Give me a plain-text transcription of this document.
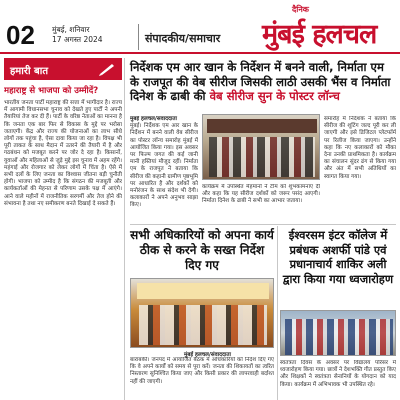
02 मुंबई, शनिवार
17 अगस्त 2024	संपादकीय/समाचार
दैनिक
मुंबई हलचल
हमारी बात
महाराष्ट्र से भाजपा को उम्मीदें?
भारतीय जनता पार्टी महाराष्ट्र की सत्ता में भागीदार है। राज्य में आगामी विधानसभा चुनाव को देखते हुए पार्टी ने अपनी तैयारियां तेज कर दी हैं। पार्टी के वरिष्ठ नेताओं का मानना है कि जनता एक बार फिर से विकास के मुद्दे पर भरोसा जताएगी। केंद्र और राज्य की योजनाओं का लाभ सीधे लोगों तक पहुंचा है, ऐसा दावा किया जा रहा है। विपक्ष भी पूरी ताकत के साथ मैदान में उतरने की तैयारी में है और गठबंधन को मजबूत करने पर जोर दे रहा है। किसानों, युवाओं और महिलाओं से जुड़े मुद्दे इस चुनाव में अहम रहेंगे। महंगाई और रोजगार को लेकर लोगों में चिंता है। ऐसे में सभी दलों के लिए जनता का विश्वास जीतना बड़ी चुनौती होगी। भाजपा को उम्मीद है कि संगठन की मजबूती और कार्यकर्ताओं की मेहनत से परिणाम उसके पक्ष में आएंगे। आने वाले महीनों में राजनीतिक सरगर्मी और तेज होने की संभावना है तथा नए समीकरण बनते दिखाई दे सकते हैं।
निर्देशक एम आर खान के निर्देशन में बनने वाली, निर्माता एम के राजपूत की वेब सीरीज जिसकी लाठी उसकी भैंस व निर्माता दिनेश के ढाबी की वेब सीरीज सुन के पोस्टर लॉन्च
मुंबई हलचल/संवाददाता
मुंबई। निर्देशक एम आर खान के निर्देशन में बनने वाली वेब सीरीज का पोस्टर लॉन्च समारोह मुंबई में आयोजित किया गया। इस अवसर पर फिल्म जगत की कई जानी मानी हस्तियां मौजूद रहीं। निर्माता एम के राजपूत ने बताया कि सीरीज की कहानी ग्रामीण पृष्ठभूमि पर आधारित है और दर्शकों को मनोरंजन के साथ संदेश भी देगी। कलाकारों ने अपने अनुभव साझा किए।
कार्यक्रम में उपस्थित मेहमानों ने टीम को शुभकामनाएं दीं और कहा कि यह सीरीज दर्शकों को जरूर पसंद आएगी। निर्माता दिनेश के ढाबी ने सभी का आभार जताया।
समारोह में निर्देशक ने बताया कि सीरीज की शूटिंग जल्द पूरी कर ली जाएगी और इसे डिजिटल प्लेटफॉर्म पर रिलीज किया जाएगा। उन्होंने कहा कि नए कलाकारों को मौका देना उनकी प्राथमिकता है। कार्यक्रम का संचालन सुंदर ढंग से किया गया और अंत में सभी अतिथियों का स्वागत किया गया।
सभी अधिकारियों को अपना कार्य ठीक से करने के सख्त निर्देश दिए गए
मुंबई हलचल/संवाददाता
बाराबंकी। जनपद में आयोजित बैठक में अधिकारियों को निर्देश दिए गए कि वे अपने कार्यों को समय से पूरा करें। जनता की शिकायतों का त्वरित निस्तारण सुनिश्चित किया जाए और किसी प्रकार की लापरवाही बर्दाश्त नहीं की जाएगी।
ईश्वरसम इंटर कॉलेज में प्रबंधक अशर्फी पांडे एवं प्रधानाचार्य शाकिर अली द्वारा किया गया ध्वजारोहण
स्वतंत्रता दिवस के अवसर पर विद्यालय परिसर में ध्वजारोहण किया गया। छात्रों ने देशभक्ति गीत प्रस्तुत किए और शिक्षकों ने स्वतंत्रता सेनानियों के योगदान को याद किया। कार्यक्रम में अभिभावक भी उपस्थित रहे।
